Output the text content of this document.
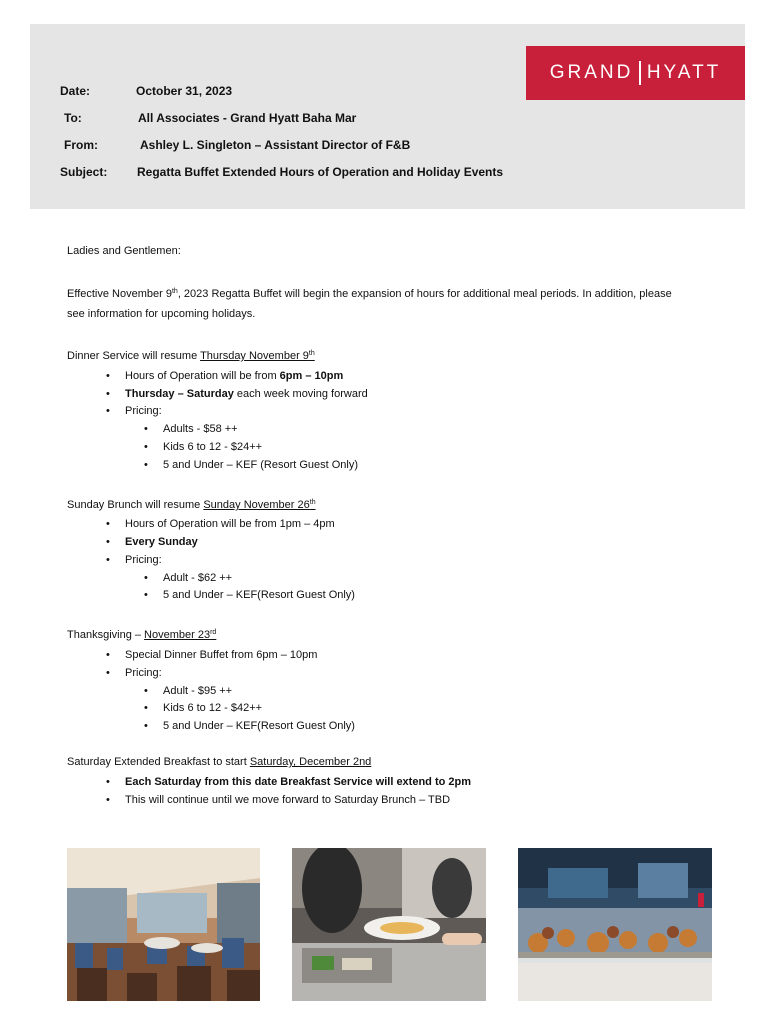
GRAND HYATT
Date:	October 31, 2023
To:	All Associates - Grand Hyatt Baha Mar
From:	Ashley L. Singleton – Assistant Director of F&B
Subject: Regatta Buffet Extended Hours of Operation and Holiday Events
Ladies and Gentlemen:
Effective November 9th, 2023 Regatta Buffet will begin the expansion of hours for additional meal periods. In addition, please
see information for upcoming holidays.
Dinner Service will resume Thursday November 9th
• Hours of Operation will be from 6pm – 10pm
• Thursday – Saturday each week moving forward
• Pricing:
• Adults - $58 ++
• Kids 6 to 12 - $24++
• 5 and Under – KEF (Resort Guest Only)
Sunday Brunch will resume Sunday November 26th
• Hours of Operation will be from 1pm – 4pm
• Every Sunday
• Pricing:
• Adult - $62 ++
• 5 and Under – KEF(Resort Guest Only)
Thanksgiving – November 23rd
• Special Dinner Buffet from 6pm – 10pm
• Pricing:
• Adult - $95 ++
• Kids 6 to 12 - $42++
• 5 and Under – KEF(Resort Guest Only)
Saturday Extended Breakfast to start Saturday, December 2nd
• Each Saturday from this date Breakfast Service will extend to 2pm
• This will continue until we move forward to Saturday Brunch – TBD
